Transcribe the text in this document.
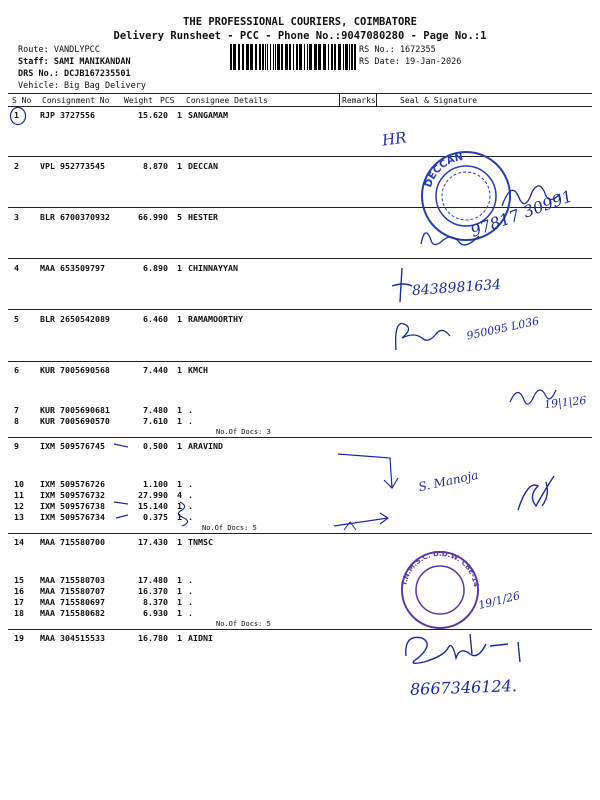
THE PROFESSIONAL COURIERS, COIMBATORE
Delivery Runsheet - PCC - Phone No.:9047080280 - Page No.:1
Route: VANDLYPCC
Staff: SAMI MANIKANDAN
DRS No.: DCJB167235501
Vehicle: Big Bag Delivery
RS No.: 1672355
RS Date: 19-Jan-2026
S No Consignment No Weight PCS Consignee Details	Remarks	Seal & Signature
1	RJP 3727556	15.620	1 SANGAMAM
2	VPL 952773545	8.870	1 DECCAN
3	BLR 6700370932	66.990	5 HESTER
4	MAA 653509797	6.890	1 CHINNAYYAN
5	BLR 2650542089	6.460	1 RAMAMOORTHY
6	KUR 7005690568	7.440	1 KMCH
7	KUR 7005690681	7.480	1 .
8	KUR 7005690570	7.610	1 .
9	IXM 509576745	0.500	1 ARAVIND
10	IXM 509576726	1.100	1 .
11	IXM 509576732	27.990	4 .
12	IXM 509576738	15.140	1 .
13	IXM 509576734	0.375	1 .
14	MAA 715580700	17.430	1 TNMSC
15	MAA 715580703	17.480	1 .
16	MAA 715580707	16.370	1 .
17	MAA 715580697	8.370	1 .
18	MAA 715580682	6.930	1 .
19	MAA 304515533	16.780	1 AIDNI
No.Of Docs: 3
No.Of Docs: 5
No.Of Docs: 5
DECCAN
T.N.M.S.C. D.D.W. CBE-14
HR
97817 30991
8438981634
950095 L036
19|1|26
S. Manoja
19/1/26
8667346124.
